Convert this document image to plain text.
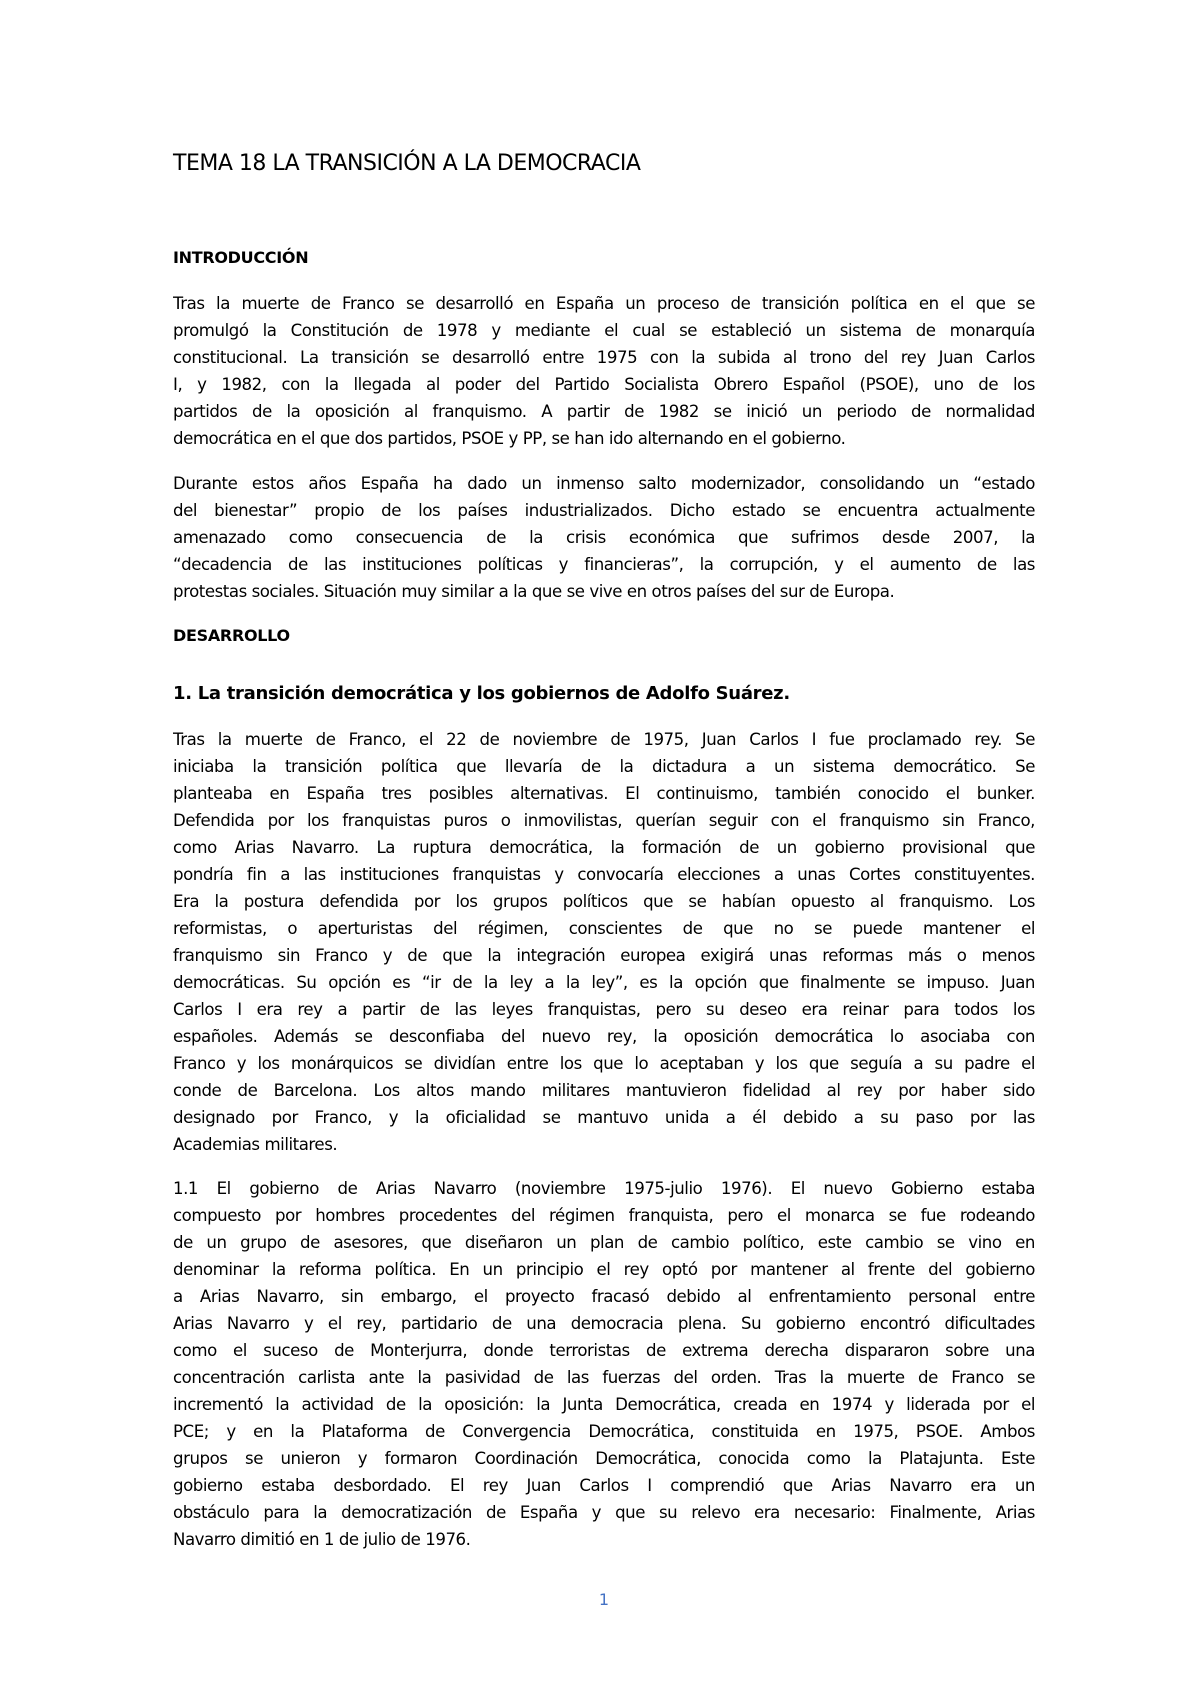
TEMA 18 LA TRANSICIÓN A LA DEMOCRACIA
INTRODUCCIÓN
Tras la muerte de Franco se desarrolló en España un proceso de transición política en el que se
promulgó la Constitución de 1978 y mediante el cual se estableció un sistema de monarquía
constitucional. La transición se desarrolló entre 1975 con la subida al trono del rey Juan Carlos
I, y 1982, con la llegada al poder del Partido Socialista Obrero Español (PSOE), uno de los
partidos de la oposición al franquismo. A partir de 1982 se inició un periodo de normalidad
democrática en el que dos partidos, PSOE y PP, se han ido alternando en el gobierno.
Durante estos años España ha dado un inmenso salto modernizador, consolidando un “estado
del bienestar” propio de los países industrializados. Dicho estado se encuentra actualmente
amenazado como consecuencia de la crisis económica que sufrimos desde 2007, la
“decadencia de las instituciones políticas y financieras”, la corrupción, y el aumento de las
protestas sociales. Situación muy similar a la que se vive en otros países del sur de Europa.
DESARROLLO
1. La transición democrática y los gobiernos de Adolfo Suárez.
Tras la muerte de Franco, el 22 de noviembre de 1975, Juan Carlos I fue proclamado rey. Se
iniciaba la transición política que llevaría de la dictadura a un sistema democrático. Se
planteaba en España tres posibles alternativas. El continuismo, también conocido el bunker.
Defendida por los franquistas puros o inmovilistas, querían seguir con el franquismo sin Franco,
como Arias Navarro. La ruptura democrática, la formación de un gobierno provisional que
pondría fin a las instituciones franquistas y convocaría elecciones a unas Cortes constituyentes.
Era la postura defendida por los grupos políticos que se habían opuesto al franquismo. Los
reformistas, o aperturistas del régimen, conscientes de que no se puede mantener el
franquismo sin Franco y de que la integración europea exigirá unas reformas más o menos
democráticas. Su opción es “ir de la ley a la ley”, es la opción que finalmente se impuso. Juan
Carlos I era rey a partir de las leyes franquistas, pero su deseo era reinar para todos los
españoles. Además se desconfiaba del nuevo rey, la oposición democrática lo asociaba con
Franco y los monárquicos se dividían entre los que lo aceptaban y los que seguía a su padre el
conde de Barcelona. Los altos mando militares mantuvieron fidelidad al rey por haber sido
designado por Franco, y la oficialidad se mantuvo unida a él debido a su paso por las
Academias militares.
1.1 El gobierno de Arias Navarro (noviembre 1975-julio 1976). El nuevo Gobierno estaba
compuesto por hombres procedentes del régimen franquista, pero el monarca se fue rodeando
de un grupo de asesores, que diseñaron un plan de cambio político, este cambio se vino en
denominar la reforma política. En un principio el rey optó por mantener al frente del gobierno
a Arias Navarro, sin embargo, el proyecto fracasó debido al enfrentamiento personal entre
Arias Navarro y el rey, partidario de una democracia plena. Su gobierno encontró dificultades
como el suceso de Monterjurra, donde terroristas de extrema derecha dispararon sobre una
concentración carlista ante la pasividad de las fuerzas del orden. Tras la muerte de Franco se
incrementó la actividad de la oposición: la Junta Democrática, creada en 1974 y liderada por el
PCE; y en la Plataforma de Convergencia Democrática, constituida en 1975, PSOE. Ambos
grupos se unieron y formaron Coordinación Democrática, conocida como la Platajunta. Este
gobierno estaba desbordado. El rey Juan Carlos I comprendió que Arias Navarro era un
obstáculo para la democratización de España y que su relevo era necesario: Finalmente, Arias
Navarro dimitió en 1 de julio de 1976.
1
